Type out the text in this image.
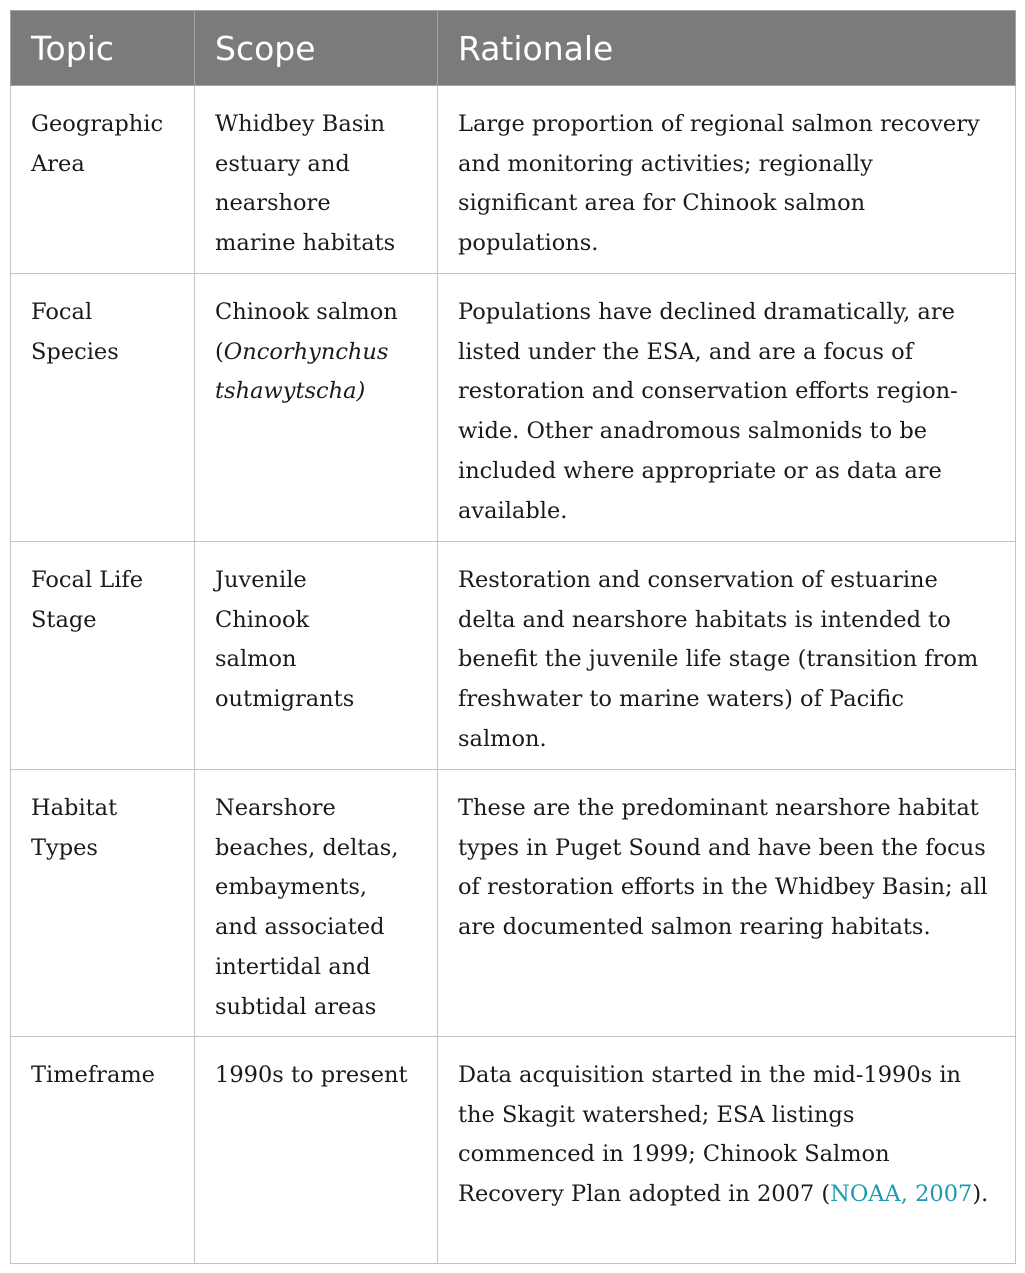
Topic	Scope	Rationale

Geographic Area	Whidbey Basin estuary and nearshore marine habitats	Large proportion of regional salmon recovery and monitoring activities; regionally significant area for Chinook salmon populations.

Focal Species	Chinook salmon (Oncorhynchus tshawytscha)	Populations have declined dramatically, are listed under the ESA, and are a focus of restoration and conservation efforts region-wide. Other anadromous salmonids to be included where appropriate or as data are available.

Focal Life Stage	Juvenile Chinook salmon outmigrants	Restoration and conservation of estuarine delta and nearshore habitats is intended to benefit the juvenile life stage (transition from freshwater to marine waters) of Pacific salmon.

Habitat Types	Nearshore beaches, deltas, embayments, and associated intertidal and subtidal areas	These are the predominant nearshore habitat types in Puget Sound and have been the focus of restoration efforts in the Whidbey Basin; all are documented salmon rearing habitats.

Timeframe	1990s to present	Data acquisition started in the mid-1990s in the Skagit watershed; ESA listings commenced in 1999; Chinook Salmon Recovery Plan adopted in 2007 (NOAA, 2007).
